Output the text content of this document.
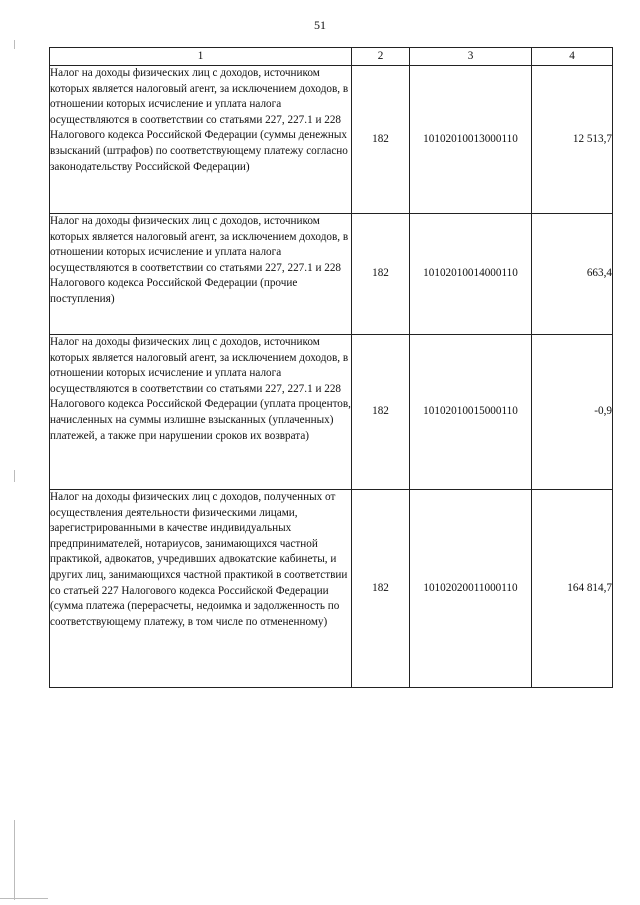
51
1	2	3	4
Налог на доходы физических лиц с доходов, источником которых является налоговый агент, за исключением доходов, в отношении которых исчисление и уплата налога осуществляются в соответствии со статьями 227, 227.1 и 228 Налогового кодекса Российской Федерации (суммы денежных взысканий (штрафов) по соответствующему платежу согласно законодательству Российской Федерации)	182	10102010013000110	12 513,7
Налог на доходы физических лиц с доходов, источником которых является налоговый агент, за исключением доходов, в отношении которых исчисление и уплата налога осуществляются в соответствии со статьями 227, 227.1 и 228 Налогового кодекса Российской Федерации (прочие поступления)	182	10102010014000110	663,4
Налог на доходы физических лиц с доходов, источником которых является налоговый агент, за исключением доходов, в отношении которых исчисление и уплата налога осуществляются в соответствии со статьями 227, 227.1 и 228 Налогового кодекса Российской Федерации (уплата процентов, начисленных на суммы излишне взысканных (уплаченных) платежей, а также при нарушении сроков их возврата)	182	10102010015000110	-0,9
Налог на доходы физических лиц с доходов, полученных от осуществления деятельности физическими лицами, зарегистрированными в качестве индивидуальных предпринимателей, нотариусов, занимающихся частной практикой, адвокатов, учредивших адвокатские кабинеты, и других лиц, занимающихся частной практикой в соответствии со статьей 227 Налогового кодекса Российской Федерации (сумма платежа (перерасчеты, недоимка и задолженность по соответствующему платежу, в том числе по отмененному)	182	10102020011000110	164 814,7
